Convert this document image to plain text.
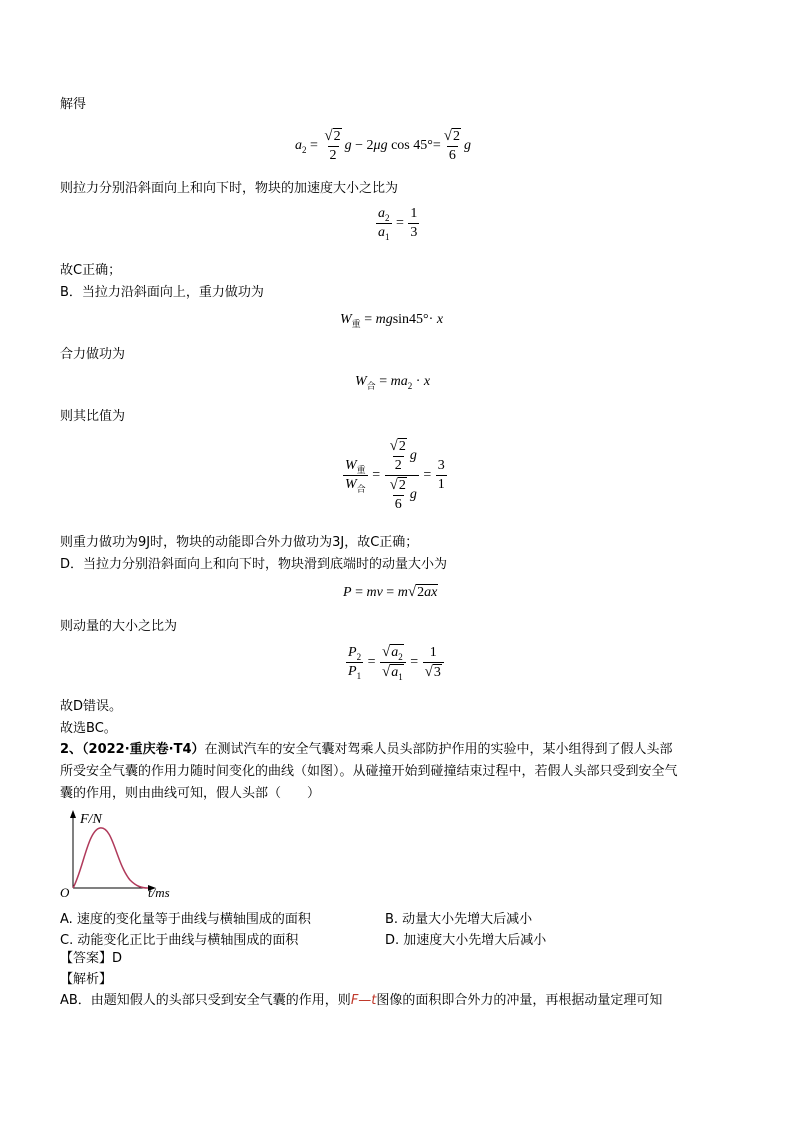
解得
$a_2 = \frac{√ 2}{2}$ g − 2μg $\cos 45^\circ= \frac{√ 2}{6}$ g
则拉力分别沿斜面向上和向下时，物块的加速度大小之比为
$\frac{a_2}{a_1} = \frac{1}{3}$
故C正确；
B．当拉力沿斜面向上，重力做功为
$W_重 = mgsin45^\circ\cdot x$
合力做功为
$W_合 = ma_2 \cdot x$
则其比值为
$\frac{W_重}{W_合} = \frac{\frac{√ 2}{2} g}{\frac{√ 2}{6} g} = \frac{3}{1}$
则重力做功为9J时，物块的动能即合外力做功为3J，故C正确；
D．当拉力分别沿斜面向上和向下时，物块滑到底端时的动量大小为
P = mv = m √ 2ax
则动量的大小之比为
$\frac{P_2}{P_1} = \frac{√ a_2}{√ a_1} = \frac{1}{√ 3}$
故D错误。
故选BC。
2、（2022·重庆卷·T4）在测试汽车的安全气囊对驾乘人员头部防护作用的实验中，某小组得到了假人头部
所受安全气囊的作用力随时间变化的曲线（如图）。从碰撞开始到碰撞结束过程中，若假人头部只受到安全气
囊的作用，则由曲线可知，假人头部（　　）
F/N
O	t/ms
A. 速度的变化量等于曲线与横轴围成的面积	B. 动量大小先增大后减小
C. 动能变化正比于曲线与横轴围成的面积	D. 加速度大小先增大后减小
【答案】D
【解析】
AB．由题知假人的头部只受到安全气囊的作用，则F—t图像的面积即合外力的冲量，再根据动量定理可知
